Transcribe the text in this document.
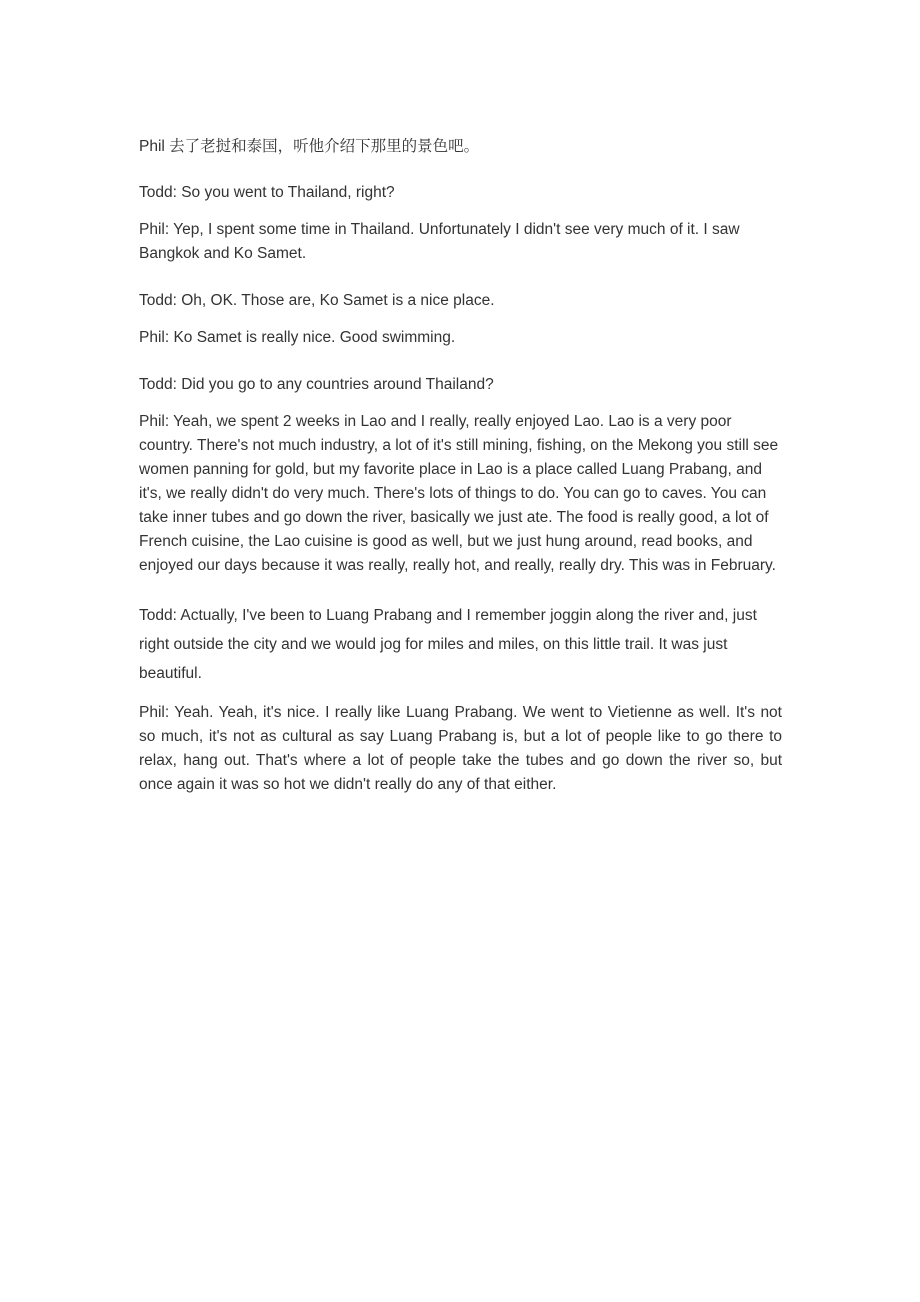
Phil 去了老挝和泰国，听他介绍下那里的景色吧。

Todd: So you went to Thailand, right?

Phil: Yep, I spent some time in Thailand. Unfortunately I didn't see very much of it. I saw Bangkok and Ko Samet.

Todd: Oh, OK. Those are, Ko Samet is a nice place.

Phil: Ko Samet is really nice. Good swimming.

Todd: Did you go to any countries around Thailand?

Phil: Yeah, we spent 2 weeks in Lao and I really, really enjoyed Lao. Lao is a very poor country. There's not much industry, a lot of it's still mining, fishing, on the Mekong you still see women panning for gold, but my favorite place in Lao is a place called Luang Prabang, and it's, we really didn't do very much. There's lots of things to do. You can go to caves. You can take inner tubes and go down the river, basically we just ate. The food is really good, a lot of French cuisine, the Lao cuisine is good as well, but we just hung around, read books, and enjoyed our days because it was really, really hot, and really, really dry. This was in February.

Todd: Actually, I've been to Luang Prabang and I remember joggin along the river and, just right outside the city and we would jog for miles and miles, on this little trail. It was just beautiful.

Phil: Yeah. Yeah, it's nice. I really like Luang Prabang. We went to Vietienne as well. It's not so much, it's not as cultural as say Luang Prabang is, but a lot of people like to go there to relax, hang out. That's where a lot of people take the tubes and go down the river so, but once again it was so hot we didn't really do any of that either.
